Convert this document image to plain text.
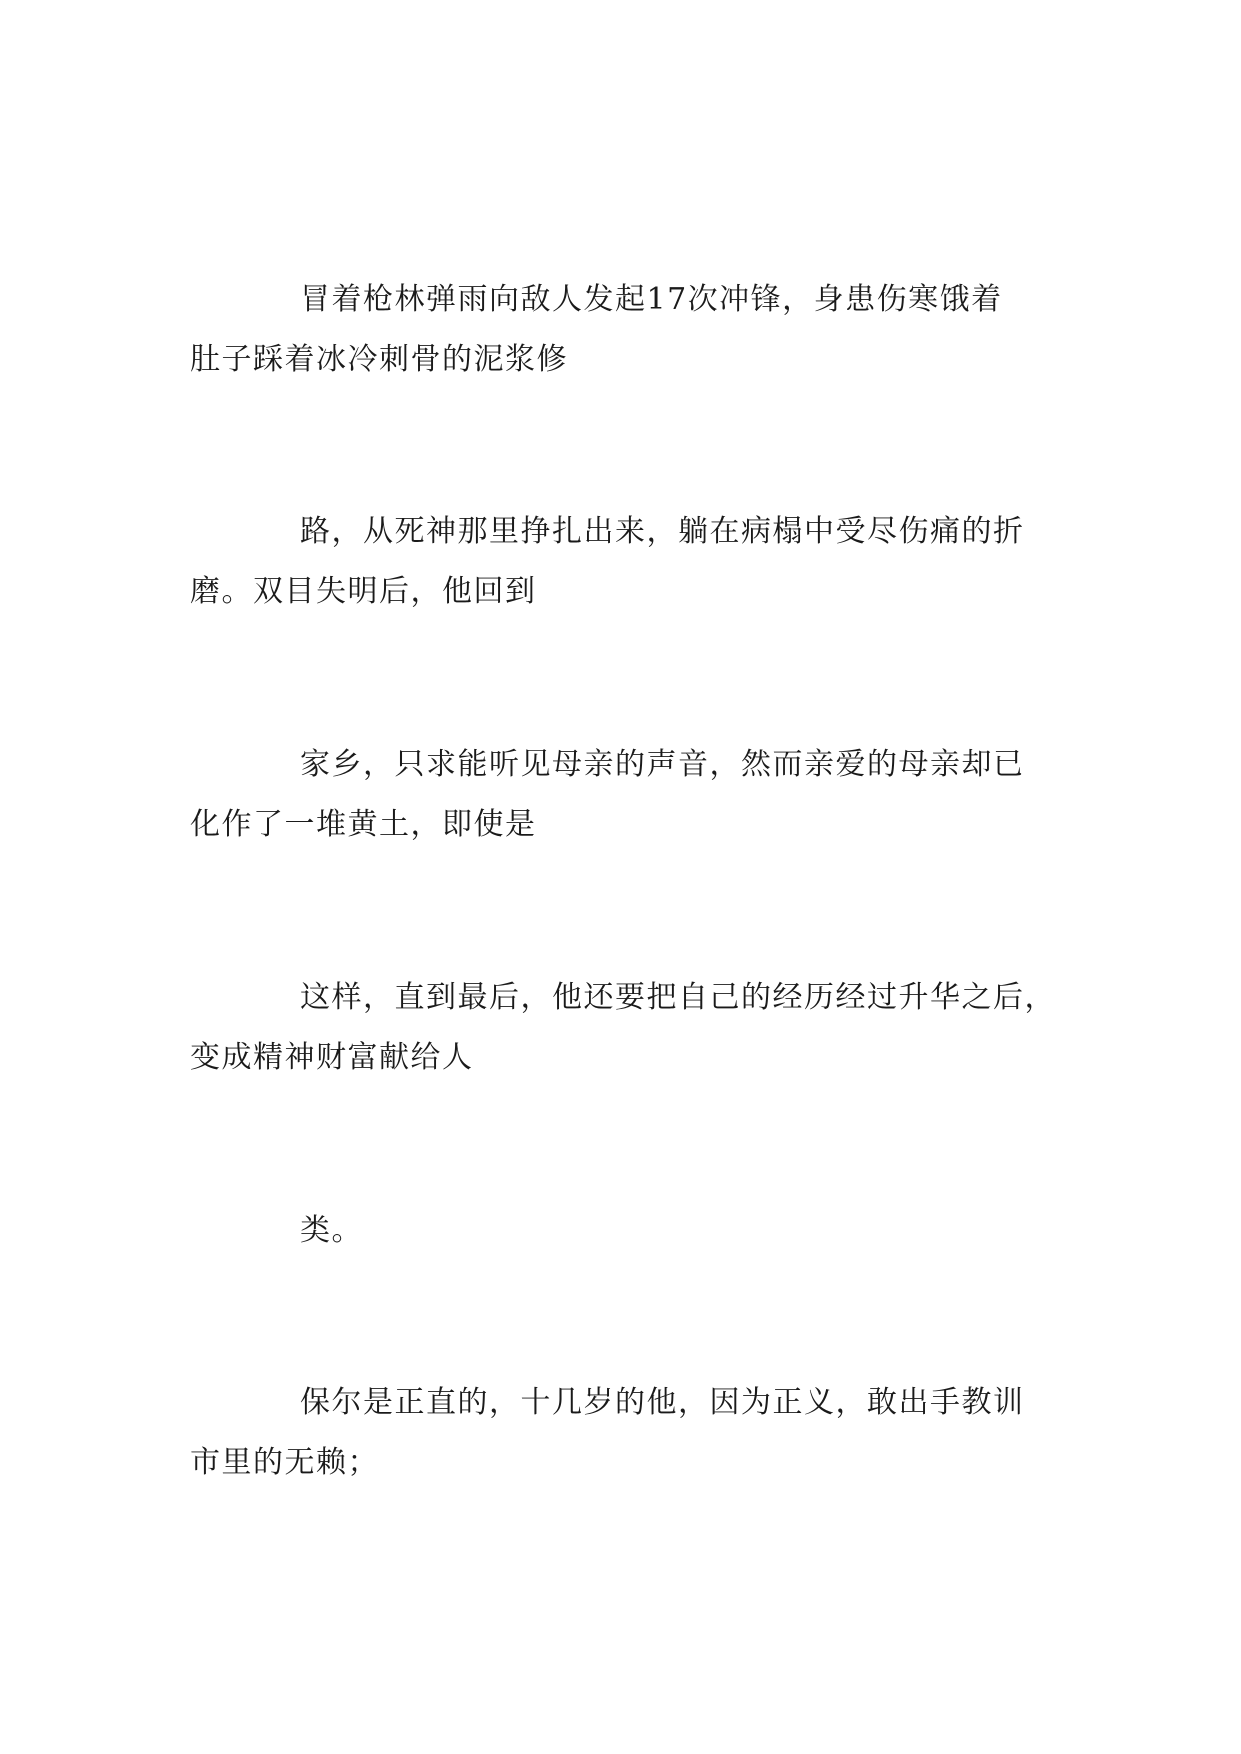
冒着枪林弹雨向敌人发起17次冲锋，身患伤寒饿着
肚子踩着冰冷刺骨的泥浆修

路，从死神那里挣扎出来，躺在病榻中受尽伤痛的折
磨。双目失明后，他回到

家乡，只求能听见母亲的声音，然而亲爱的母亲却已
化作了一堆黄土，即使是

这样，直到最后，他还要把自己的经历经过升华之后，
变成精神财富献给人

类。

保尔是正直的，十几岁的他，因为正义，敢出手教训
市里的无赖；
